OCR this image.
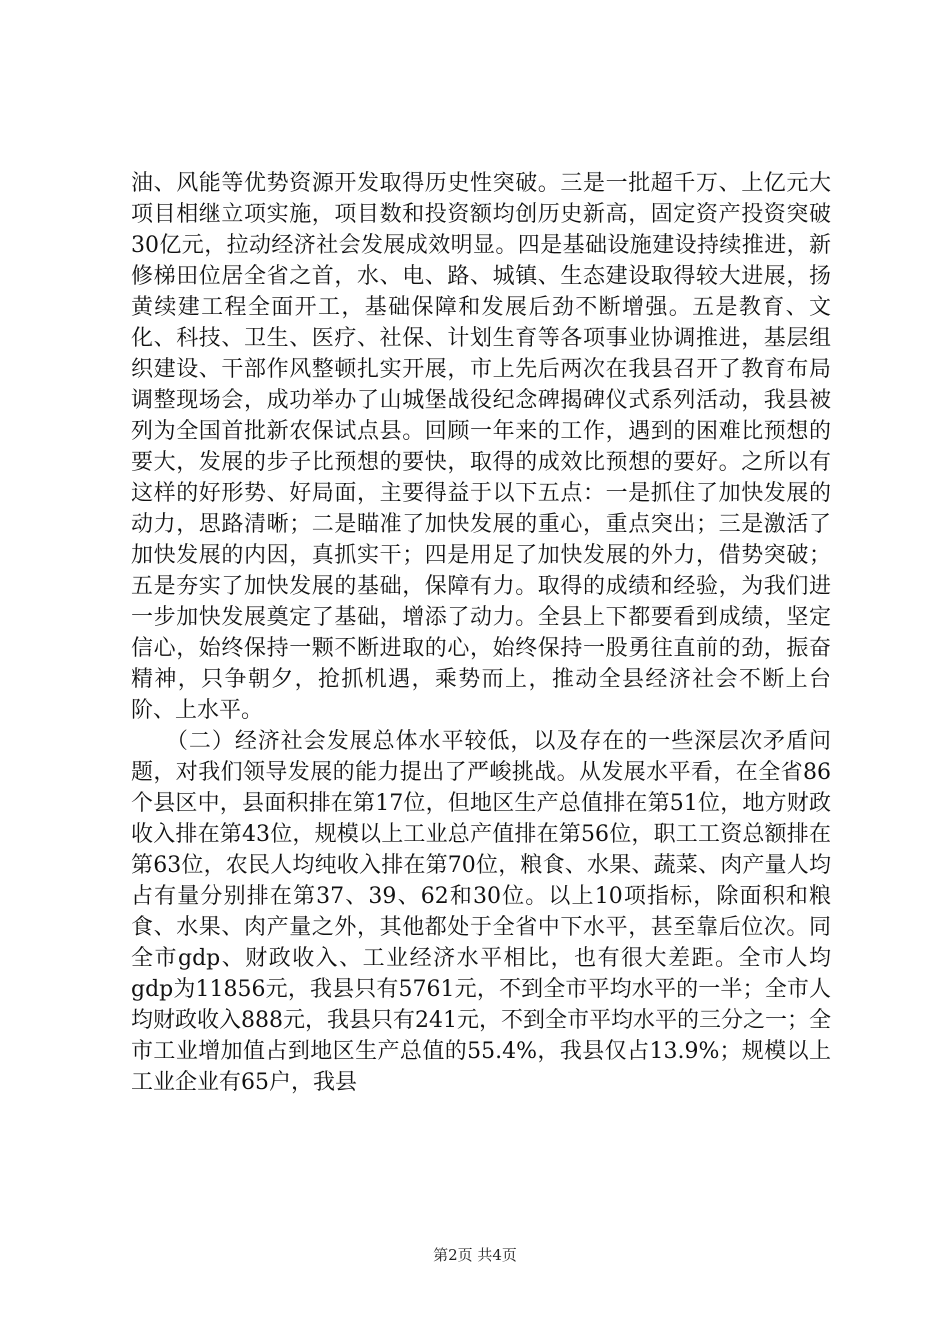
油、风能等优势资源开发取得历史性突破。三是一批超千万、上亿元大项目相继立项实施，项目数和投资额均创历史新高，固定资产投资突破30亿元，拉动经济社会发展成效明显。四是基础设施建设持续推进，新修梯田位居全省之首，水、电、路、城镇、生态建设取得较大进展，扬黄续建工程全面开工，基础保障和发展后劲不断增强。五是教育、文化、科技、卫生、医疗、社保、计划生育等各项事业协调推进，基层组织建设、干部作风整顿扎实开展，市上先后两次在我县召开了教育布局调整现场会，成功举办了山城堡战役纪念碑揭碑仪式系列活动，我县被列为全国首批新农保试点县。回顾一年来的工作，遇到的困难比预想的要大，发展的步子比预想的要快，取得的成效比预想的要好。之所以有这样的好形势、好局面，主要得益于以下五点：一是抓住了加快发展的动力，思路清晰；二是瞄准了加快发展的重心，重点突出；三是激活了加快发展的内因，真抓实干；四是用足了加快发展的外力，借势突破；五是夯实了加快发展的基础，保障有力。取得的成绩和经验，为我们进一步加快发展奠定了基础，增添了动力。全县上下都要看到成绩，坚定信心，始终保持一颗不断进取的心，始终保持一股勇往直前的劲，振奋精神，只争朝夕，抢抓机遇，乘势而上，推动全县经济社会不断上台阶、上水平。

　　（二）经济社会发展总体水平较低，以及存在的一些深层次矛盾问题，对我们领导发展的能力提出了严峻挑战。从发展水平看，在全省86个县区中，县面积排在第17位，但地区生产总值排在第51位，地方财政收入排在第43位，规模以上工业总产值排在第56位，职工工资总额排在第63位，农民人均纯收入排在第70位，粮食、水果、蔬菜、肉产量人均占有量分别排在第37、39、62和30位。以上10项指标，除面积和粮食、水果、肉产量之外，其他都处于全省中下水平，甚至靠后位次。同全市gdp、财政收入、工业经济水平相比，也有很大差距。全市人均gdp为11856元，我县只有5761元，不到全市平均水平的一半；全市人均财政收入888元，我县只有241元，不到全市平均水平的三分之一；全市工业增加值占到地区生产总值的55.4%，我县仅占13.9%；规模以上工业企业有65户，我县

第2页 共4页
